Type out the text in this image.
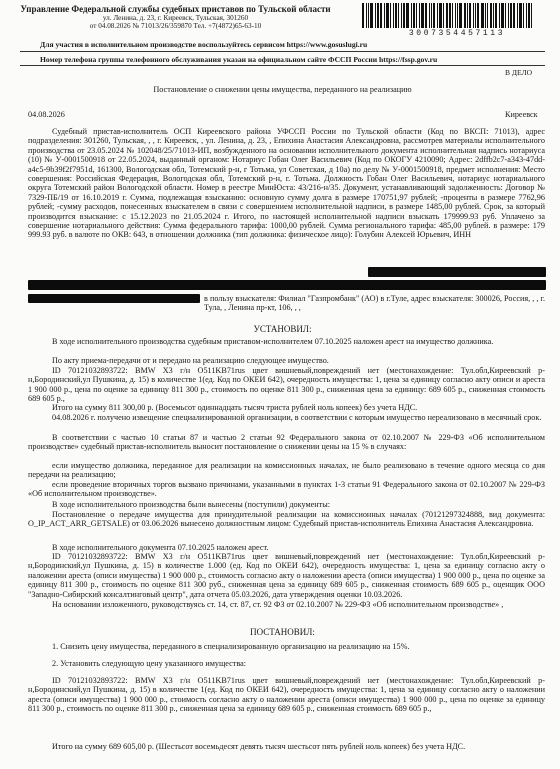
Управление Федеральной службы судебных приставов по Тульской области
ул. Ленина, д. 23, г. Киреевск, Тульская, 301260
от 04.08.2026 № 71013/26/359870 Тел. +7(4872)65-63-10
3007354457113
Для участия в исполнительном производстве воспользуйтесь сервисом https://www.gosuslugi.ru
Номер телефона группы телефонного обслуживания указан на официальном сайте ФССП России https://fssp.gov.ru
В ДЕЛО
Постановление о снижении цены имущества, переданного на реализацию
04.08.2026	Киреевск
Судебный пристав-исполнитель ОСП Киреевского района УФССП России по Тульской области (Код по ВКСП: 71013), адрес подразделения: 301260, Тульская, , , г. Киреевск, , ул. Ленина, д. 23, , Епихина Анастасия Александровна, рассмотрев материалы исполнительного производства от 23.05.2024 № 102048/25/71013-ИП, возбужденного на основании исполнительного документа исполнительная надпись нотариуса (10) № У-0001500918 от 22.05.2024, выданный органом: Нотариус Гобан Олег Васильевич (Код по ОКОГУ 4210090; Адрес: 2dffb2c7-a343-47dd-a4c5-9b39f2f7951d, 161300, Вологодская обл, Тотемский р-н, г Тотьма, ул Советская, д 10а) по делу № У-0001500918, предмет исполнения: Место совершения: Российская Федерация, Вологодская обл, Тотемский р-н, г. Тотьма. Должность Гобан Олег Васильевич, нотариус нотариального округа Тотемский район Вологодской области. Номер в реестре МинЮста: 43/216-н/35. Документ, устанавливающий задолженность: Договор № 7329-ПБ/19 от 16.10.2019 г. Сумма, подлежащая взысканию: основную сумму долга в размере 170751,97 рублей; -проценты в размере 7762,96 рублей; -сумму расходов, понесенных взыскателем в связи с совершением исполнительной надписи, в размере 1485,00 рублей. Срок, за который производится взыскание: с 15.12.2023 по 21.05.2024 г. Итого, по настоящей исполнительной надписи взыскать 179999.93 руб. Уплачено за совершение нотариального действия: Сумма федерального тарифа: 1000,00 рублей. Сумма регионального тарифа: 485,00 рублей. в размере: 179 999.93 руб. в валюте по ОКВ: 643, в отношении должника (тип должника: физическое лицо): Голубин Алексей Юрьевич, ИНН
в пользу взыскателя: Филиал "Газпромбанк" (АО) в г.Туле, адрес взыскателя: 300026, Россия, , , г. Тула, , Ленина пр-кт, 106, , ,
УСТАНОВИЛ:
В ходе исполнительного производства судебным приставом-исполнителем 07.10.2025 наложен арест на имущество должника.
По акту приема-передачи от и передано на реализацию следующее имущество.
ID 70121032893722: BMW X3 г/н O511KB71rus цвет вишневый,повреждений нет (местонахождение: Тул.обл,Киреевский р-н,Бородинский,ул Пушкина, д. 15) в количестве 1(ед. Код по ОКЕИ 642), очередность имущества: 1, цена за единицу согласно акту описи и ареста 1 900 000 р., цена по оценке за единицу 811 300 р., стоимость по оценке 811 300 р., сниженная цена за единицу: 689 605 р., сниженная стоимость 689 605 р.,
Итого на сумму 811 300,00 р. (Восемьсот одиннадцать тысяч триста рублей ноль копеек) без учета НДС.
04.08.2026 г. получено извещение специализированной организации, в соответствии с которым имущество нереализовано в месячный срок.
В соответствии с частью 10 статьи 87 и частью 2 статьи 92 Федерального закона от 02.10.2007 № 229-ФЗ «Об исполнительном производстве» судебный пристав-исполнитель выносит постановление о снижении цены на 15 % в случаях:
если имущество должника, переданное для реализации на комиссионных началах, не было реализовано в течение одного месяца со дня передачи на реализацию;
если проведение вторичных торгов вызвано причинами, указанными в пунктах 1-3 статьи 91 Федерального закона от 02.10.2007 № 229-ФЗ «Об исполнительном производстве».
В ходе исполнительного производства были вынесены (поступили) документы:
Постановление о передаче имущества для принудительной реализации на комиссионных началах (70121297324888, вид документа: O_IP_ACT_ARR_GETSALE) от 03.06.2026 вынесено должностным лицом: Судебный пристав-исполнитель Епихина Анастасия Александровна.
В ходе исполнительного документа 07.10.2025 наложен арест.
ID 70121032893722: BMW X3 г/н O511KB71rus цвет вишневый,повреждений нет (местонахождение: Тул.обл,Киреевский р-н,Бородинский,ул Пушкина, д. 15) в количестве 1.000 (ед. Код по ОКЕИ 642), очередность имущества: 1, цена за единицу согласно акту о наложении ареста (описи имущества) 1 900 000 р., стоимость согласно акту о наложении ареста (описи имущества) 1 900 000 р., цена по оценке за единицу 811 300 р., стоимость по оценке 811 300 руб., сниженная цена за единицу 689 605 р., сниженная стоимость 689 605 р., оценщик ООО "Западно-Сибирский консалтинговый центр", дата отчета 05.03.2026, дата утверждения оценки 10.03.2026.
На основании изложенного, руководствуясь ст. 14, ст. 87, ст. 92 ФЗ от 02.10.2007 № 229-ФЗ «Об исполнительном производстве» ,
ПОСТАНОВИЛ:
1. Снизить цену имущества, переданного в специализированную организацию на реализацию на 15%.
2. Установить следующую цену указанного имущества:
ID 70121032893722: BMW X3 г/н O511KB71rus цвет вишневый,повреждений нет (местонахождение: Тул.обл,Киреевский р-н,Бородинский,ул Пушкина, д. 15) в количестве 1(ед. Код по ОКЕИ 642), очередность имущества: 1, цена за единицу согласно акту о наложении ареста (описи имущества) 1 900 000 р., стоимость согласно акту о наложении ареста (описи имущества) 1 900 000 р., цена по оценке за единицу 811 300 р., стоимость по оценке 811 300 р., сниженная цена за единицу 689 605 р., сниженная стоимость 689 605 р.,
Итого на сумму 689 605,00 р. (Шестьсот восемьдесят девять тысяч шестьсот пять рублей ноль копеек) без учета НДС.
